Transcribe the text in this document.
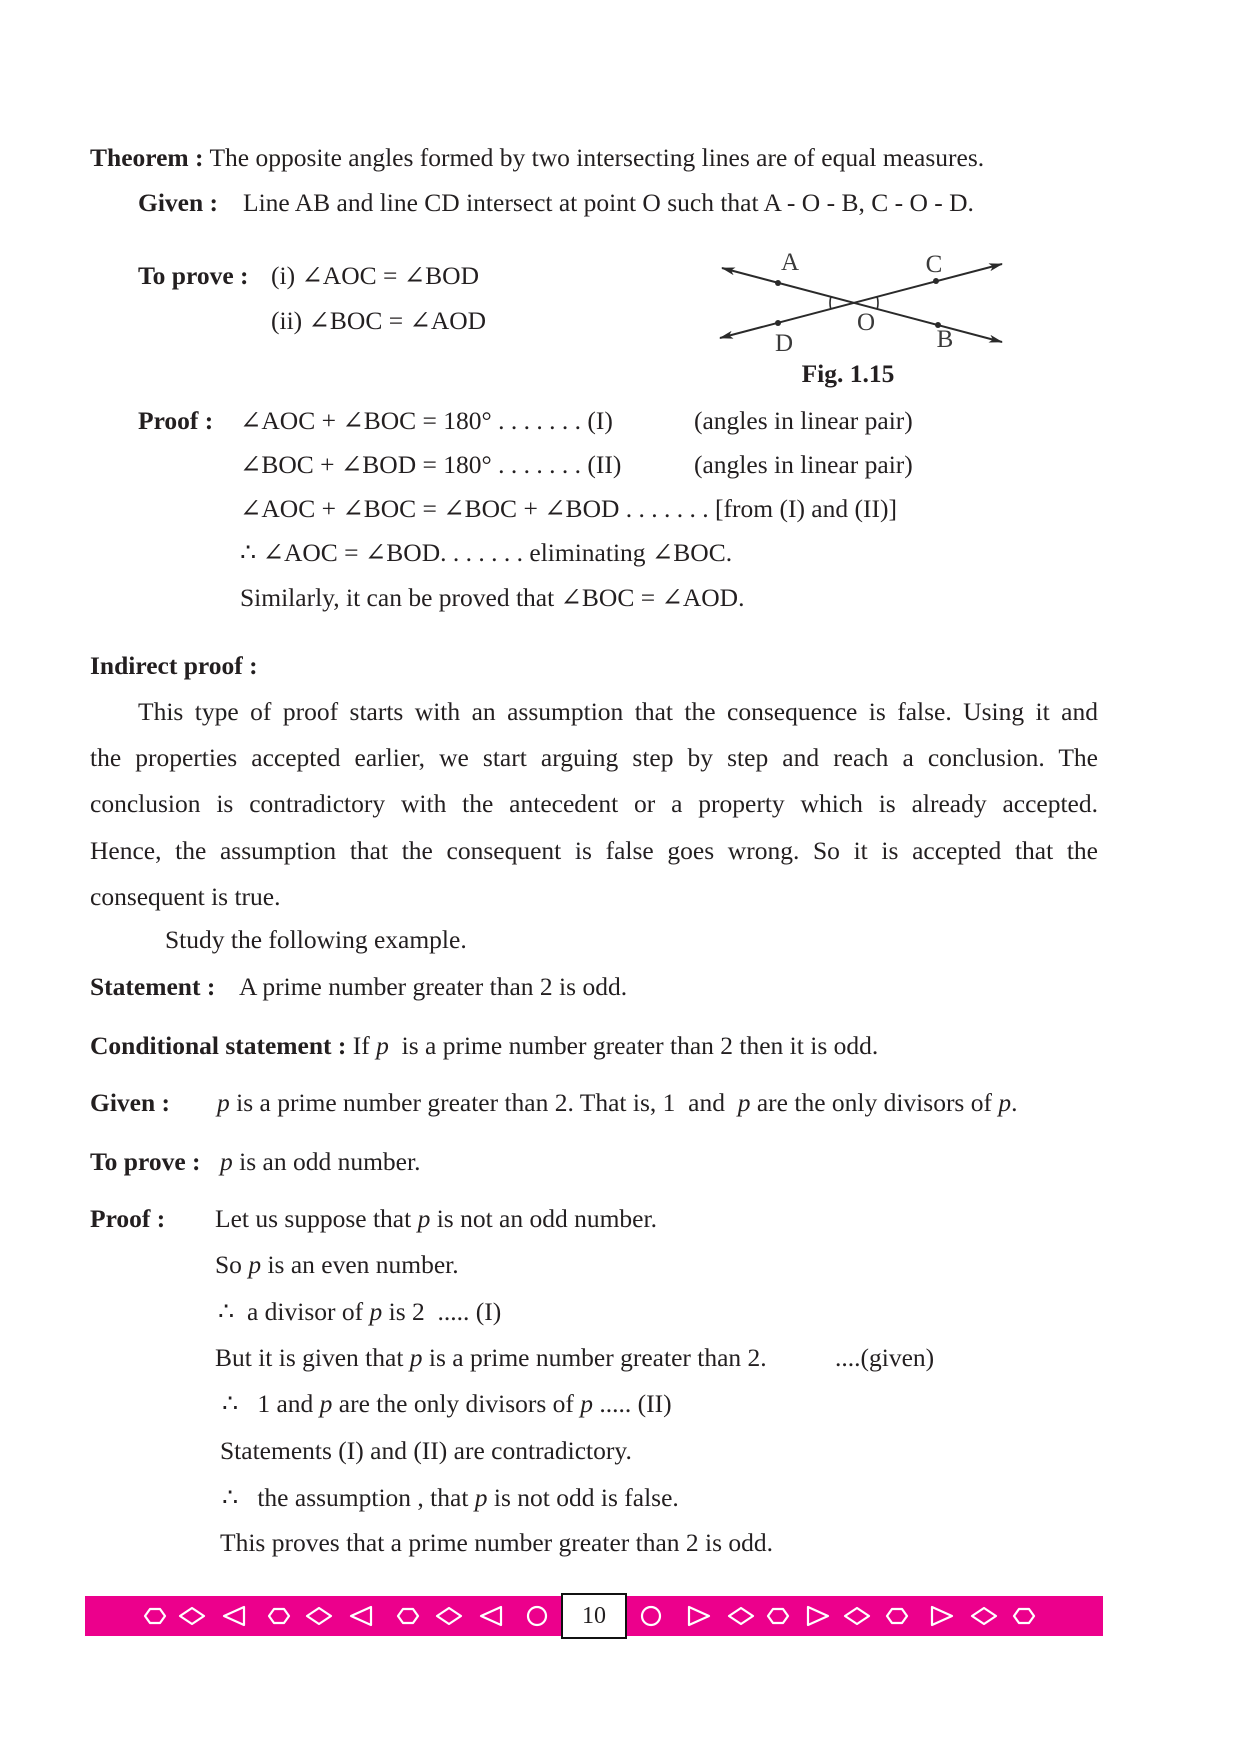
Theorem : The opposite angles formed by two intersecting lines are of equal measures.
Given : Line AB and line CD intersect at point O such that A - O - B, C - O - D.
To prove : (i) ∠AOC = ∠BOD
(ii) ∠BOC = ∠AOD
A	C
O
D	B
Fig. 1.15
Proof : ∠AOC + ∠BOC = 180° . . . . . . . (I)	(angles in linear pair)
∠BOC + ∠BOD = 180° . . . . . . . (II)	(angles in linear pair)
∠AOC + ∠BOC = ∠BOC + ∠BOD . . . . . . . [from (I) and (II)]
∴ ∠AOC = ∠BOD. . . . . . . eliminating ∠BOC.
Similarly, it can be proved that ∠BOC = ∠AOD.
Indirect proof :
This type of proof starts with an assumption that the consequence is false. Using it and
the properties accepted earlier, we start arguing step by step and reach a conclusion. The
conclusion is contradictory with the antecedent or a property which is already accepted.
Hence, the assumption that the consequent is false goes wrong. So it is accepted that the
consequent is true.
Study the following example.
Statement : A prime number greater than 2 is odd.
Conditional statement : If p  is a prime number greater than 2 then it is odd.
Given : p is a prime number greater than 2. That is, 1  and  p are the only divisors of p.
To prove : p is an odd number.
Proof : Let us suppose that p is not an odd number.
So p is an even number.
∴  a divisor of p is 2  ..... (I)
But it is given that p is a prime number greater than 2.	....(given)
∴   1 and p are the only divisors of p ..... (II)
Statements (I) and (II) are contradictory.
∴   the assumption , that p is not odd is false.
This proves that a prime number greater than 2 is odd.
10
